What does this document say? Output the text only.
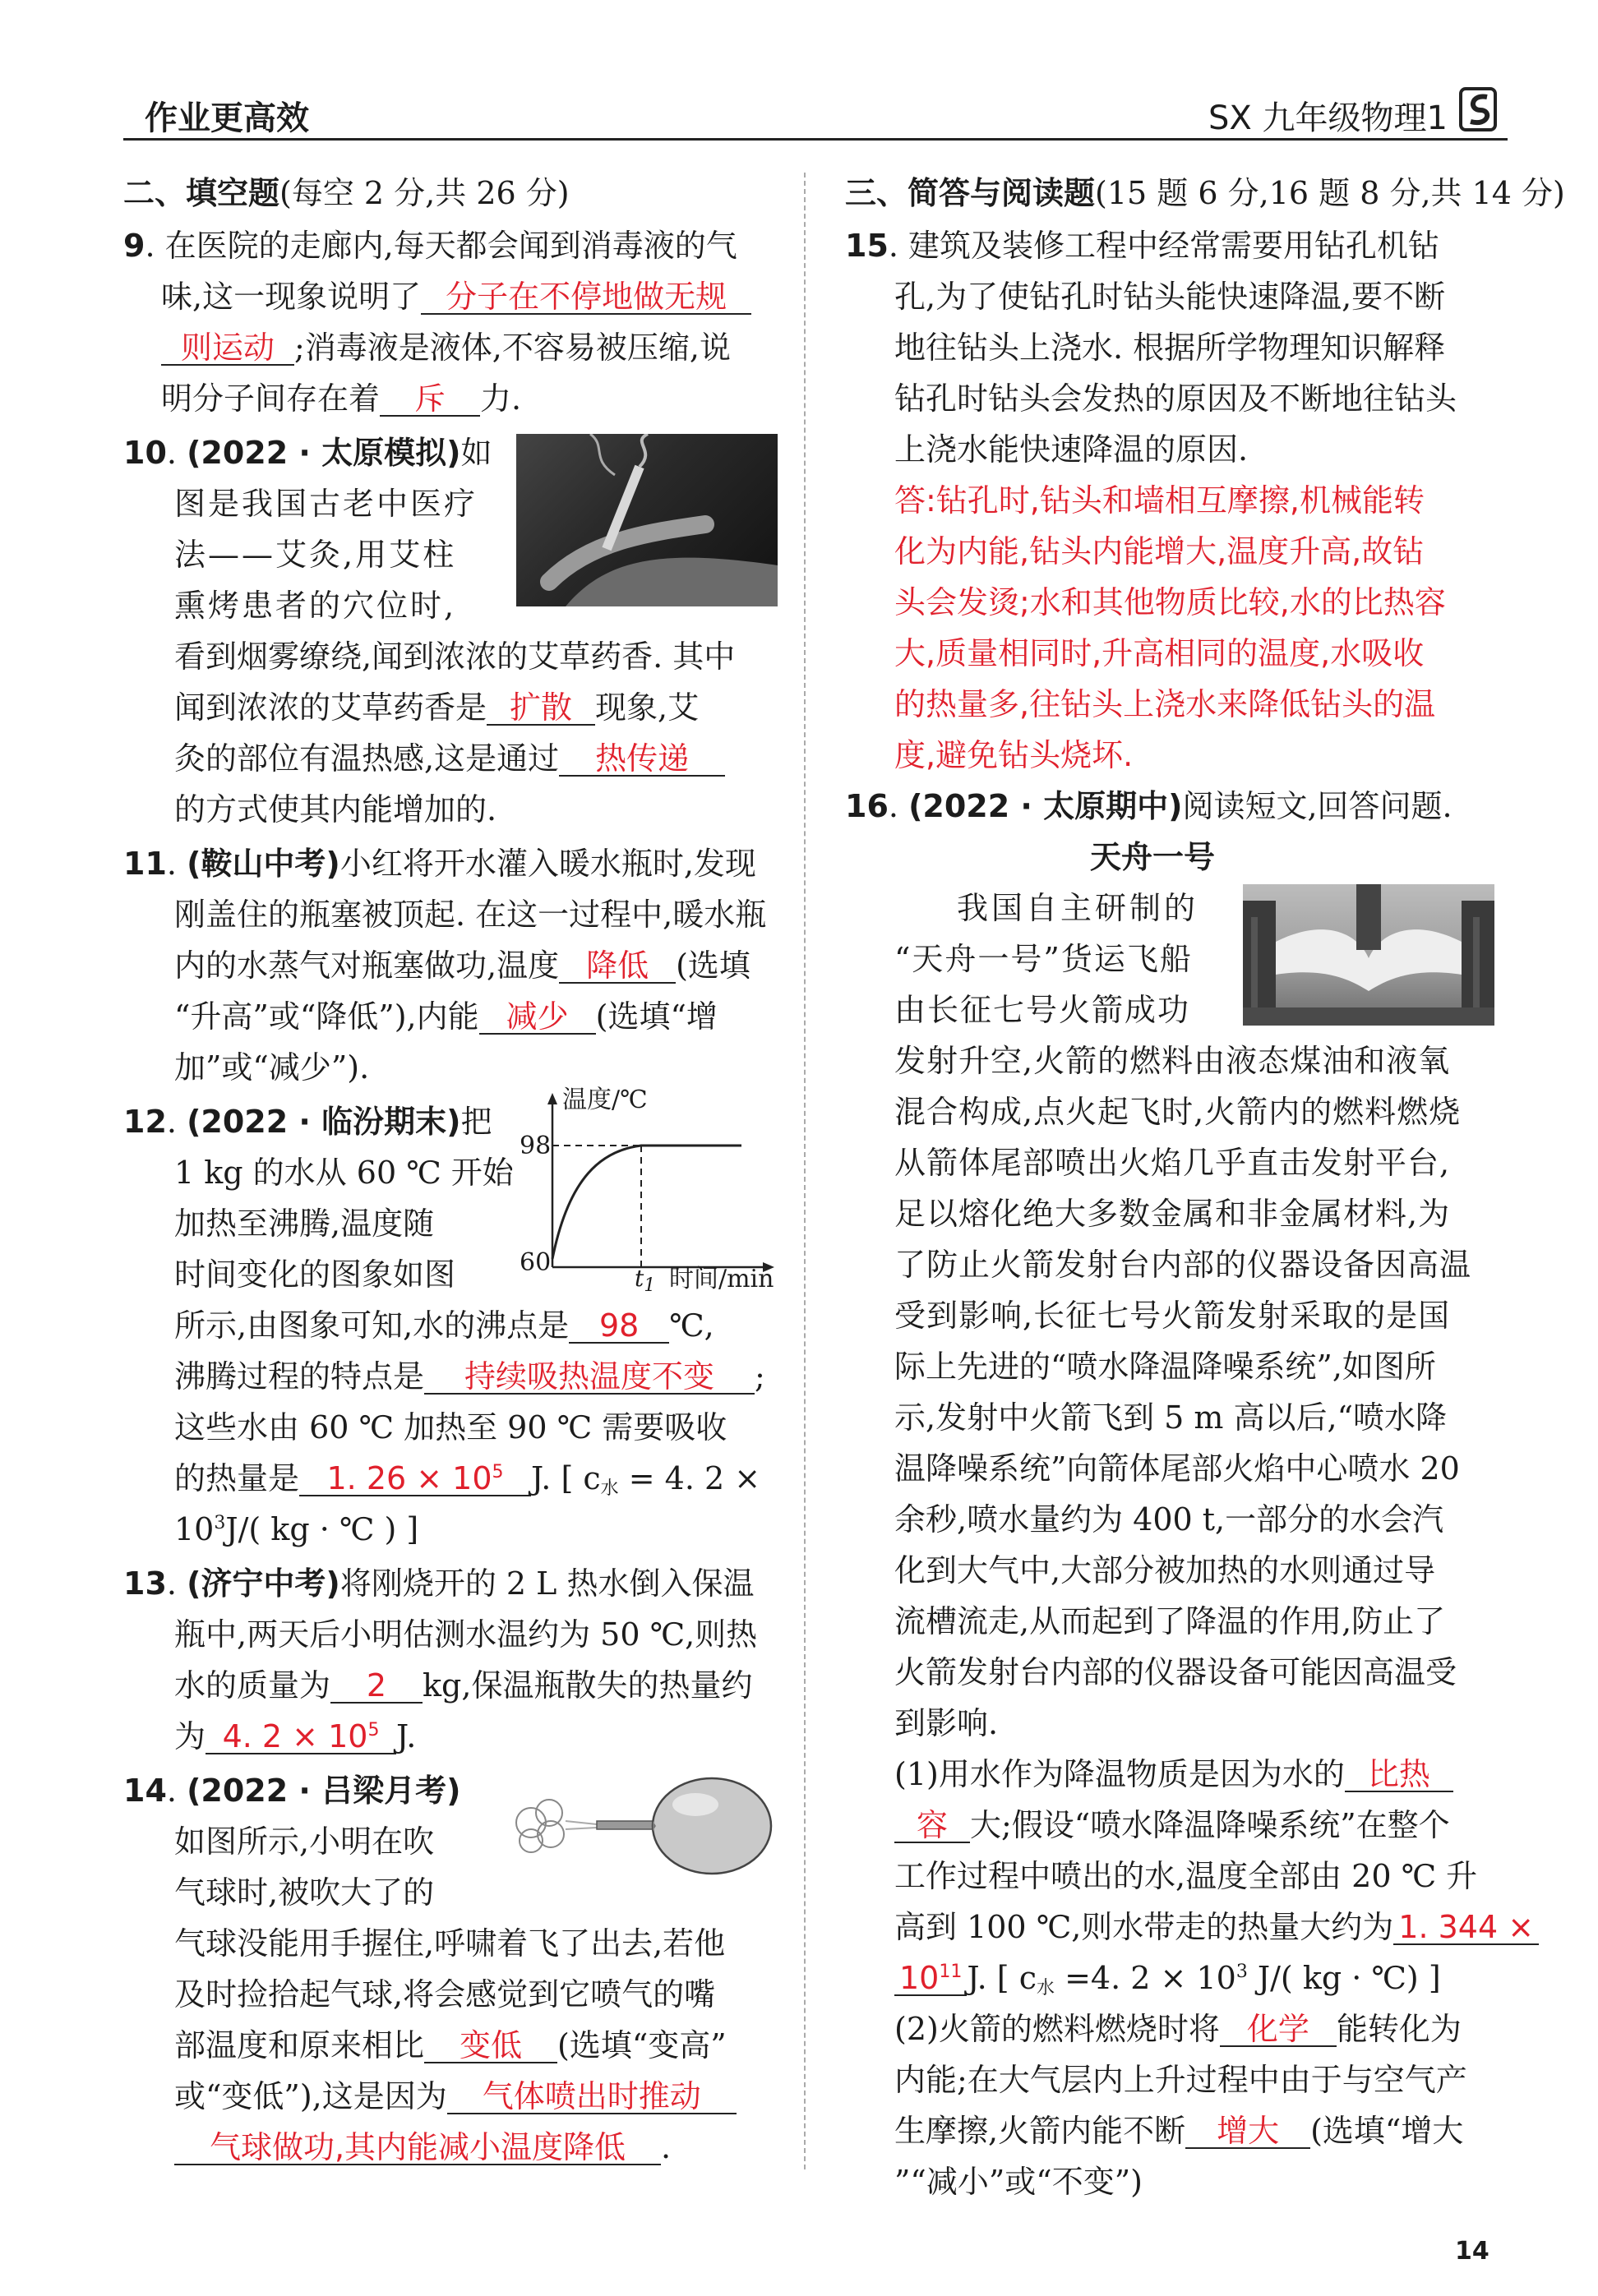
作业更高效	SX 九年级物理1
二、填空题(每空 2 分,共 26 分)
9. 在医院的走廊内,每天都会闻到消毒液的气
味,这一现象说明了 分子在不停地做无规
则运动 ;消毒液是液体,不容易被压缩,说
明分子间存在着 斥 力.
10. (2022 · 太原模拟)如
图是我国古老中医疗
法——艾灸,用艾柱
熏烤患者的穴位时,
看到烟雾缭绕,闻到浓浓的艾草药香. 其中
闻到浓浓的艾草药香是 扩散 现象,艾
灸的部位有温热感,这是通过 热传递
的方式使其内能增加的.
11. (鞍山中考)小红将开水灌入暖水瓶时,发现
刚盖住的瓶塞被顶起. 在这一过程中,暖水瓶
内的水蒸气对瓶塞做功,温度 降低 (选填
“升高”或“降低”),内能 减少 (选填“增
加”或“减少”).
12. (2022 · 临汾期末)把
1 kg 的水从 60 ℃ 开始
加热至沸腾,温度随
时间变化的图象如图
温度/℃
98
60
$t_1$ 时间/min
所示,由图象可知,水的沸点是 98 ℃,
沸腾过程的特点是 持续吸热温度不变 ;
这些水由 60 ℃ 加热至 90 ℃ 需要吸收
的热量是 1. $26 \times 10^5$ J. [ $c_水 = 4$. 2 ×
$10^3J/$( kg · ℃ ) ]
13. (济宁中考)将刚烧开的 2 L 热水倒入保温
瓶中,两天后小明估测水温约为 50 ℃,则热
水的质量为 2 kg,保温瓶散失的热量约
为 4. $2 \times 10^5$ J.
14. (2022 · 吕梁月考)
如图所示,小明在吹
气球时,被吹大了的
气球没能用手握住,呼啸着飞了出去,若他
及时捡拾起气球,将会感觉到它喷气的嘴
部温度和原来相比 变低 (选填“变高”
或“变低”),这是因为 气体喷出时推动
气球做功,其内能减小温度降低 .
三、简答与阅读题(15 题 6 分,16 题 8 分,共 14 分)
15. 建筑及装修工程中经常需要用钻孔机钻
孔,为了使钻孔时钻头能快速降温,要不断
地往钻头上浇水. 根据所学物理知识解释
钻孔时钻头会发热的原因及不断地往钻头
上浇水能快速降温的原因.
答:钻孔时,钻头和墙相互摩擦,机械能转
化为内能,钻头内能增大,温度升高,故钻
头会发烫;水和其他物质比较,水的比热容
大,质量相同时,升高相同的温度,水吸收
的热量多,往钻头上浇水来降低钻头的温
度,避免钻头烧坏.
16. (2022 · 太原期中)阅读短文,回答问题.
天舟一号
我国自主研制的
“天舟一号”货运飞船
由长征七号火箭成功
发射升空,火箭的燃料由液态煤油和液氧
混合构成,点火起飞时,火箭内的燃料燃烧
从箭体尾部喷出火焰几乎直击发射平台,
足以熔化绝大多数金属和非金属材料,为
了防止火箭发射台内部的仪器设备因高温
受到影响,长征七号火箭发射采取的是国
际上先进的“喷水降温降噪系统”,如图所
示,发射中火箭飞到 5 m 高以后,“喷水降
温降噪系统”向箭体尾部火焰中心喷水 20
余秒,喷水量约为 400 t,一部分的水会汽
化到大气中,大部分被加热的水则通过导
流槽流走,从而起到了降温的作用,防止了
火箭发射台内部的仪器设备可能因高温受
到影响.
(1)用水作为降温物质是因为水的 比热
容 大;假设“喷水降温降噪系统”在整个
工作过程中喷出的水,温度全部由 20 ℃ 升
高到 100 ℃,则水带走的热量大约为 1. 344 ×
$10^{11}$ J. [ $c_水 =4$. $2 \times 10^3$ J/( kg · ℃) ]
(2)火箭的燃料燃烧时将 化学 能转化为
内能;在大气层内上升过程中由于与空气产
生摩擦,火箭内能不断 增大 (选填“增大
”“减小”或“不变”)
14
